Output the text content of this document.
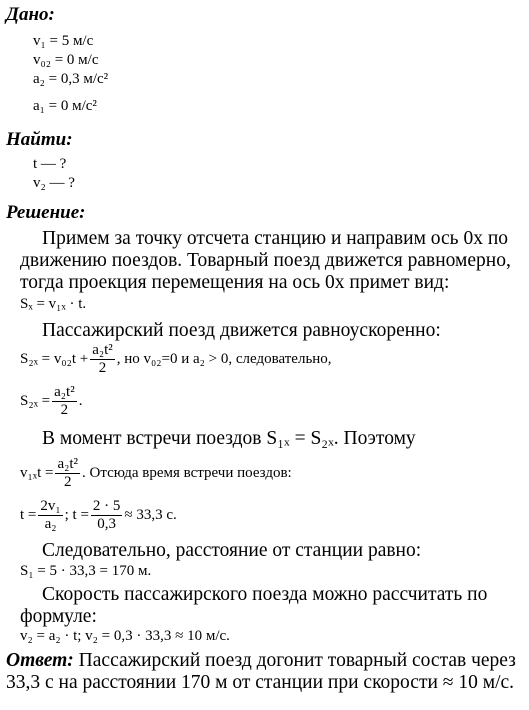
Дано:
v₁ = 5 м/с
v₀₂ = 0 м/с
a₂ = 0,3 м/с²
a₁ = 0 м/с²
Найти:
t — ?
v₂ — ?
Решение:
Примем за точку отсчета станцию и направим ось 0x по движению поездов. Товарный поезд движется равномерно, тогда проекция перемещения на ось 0x примет вид:
Sₓ = v₁ₓ · t.
Пассажирский поезд движется равноускоренно:
$S_{2x} = v_{02}t + \frac{\text{a₂t²}}{2}$ , но v₀₂=0 и a₂ > 0, следовательно,
$S_{2x} = \frac{\text{a₂t²}}{2}$ .
В момент встречи поездов S₁ₓ = S₂ₓ. Поэтому
$v_{1x}t = \frac{\text{a₂t²}}{2}$ . Отсюда время встречи поездов:
$t = \frac{\text{2v₁}}{\text{a₂}}$ ; $t = \frac{2 \cdot 5}{0,3} \approx 33,3$ с.
Следовательно, расстояние от станции равно:
S₁ = 5 · 33,3 = 170 м.
Скорость пассажирского поезда можно рассчитать по формуле:
v₂ = a₂ · t; v₂ = 0,3 · 33,3 ≈ 10 м/с.
Ответ: Пассажирский поезд догонит товарный состав через 33,3 с на расстоянии 170 м от станции при скорости ≈ 10 м/с.
